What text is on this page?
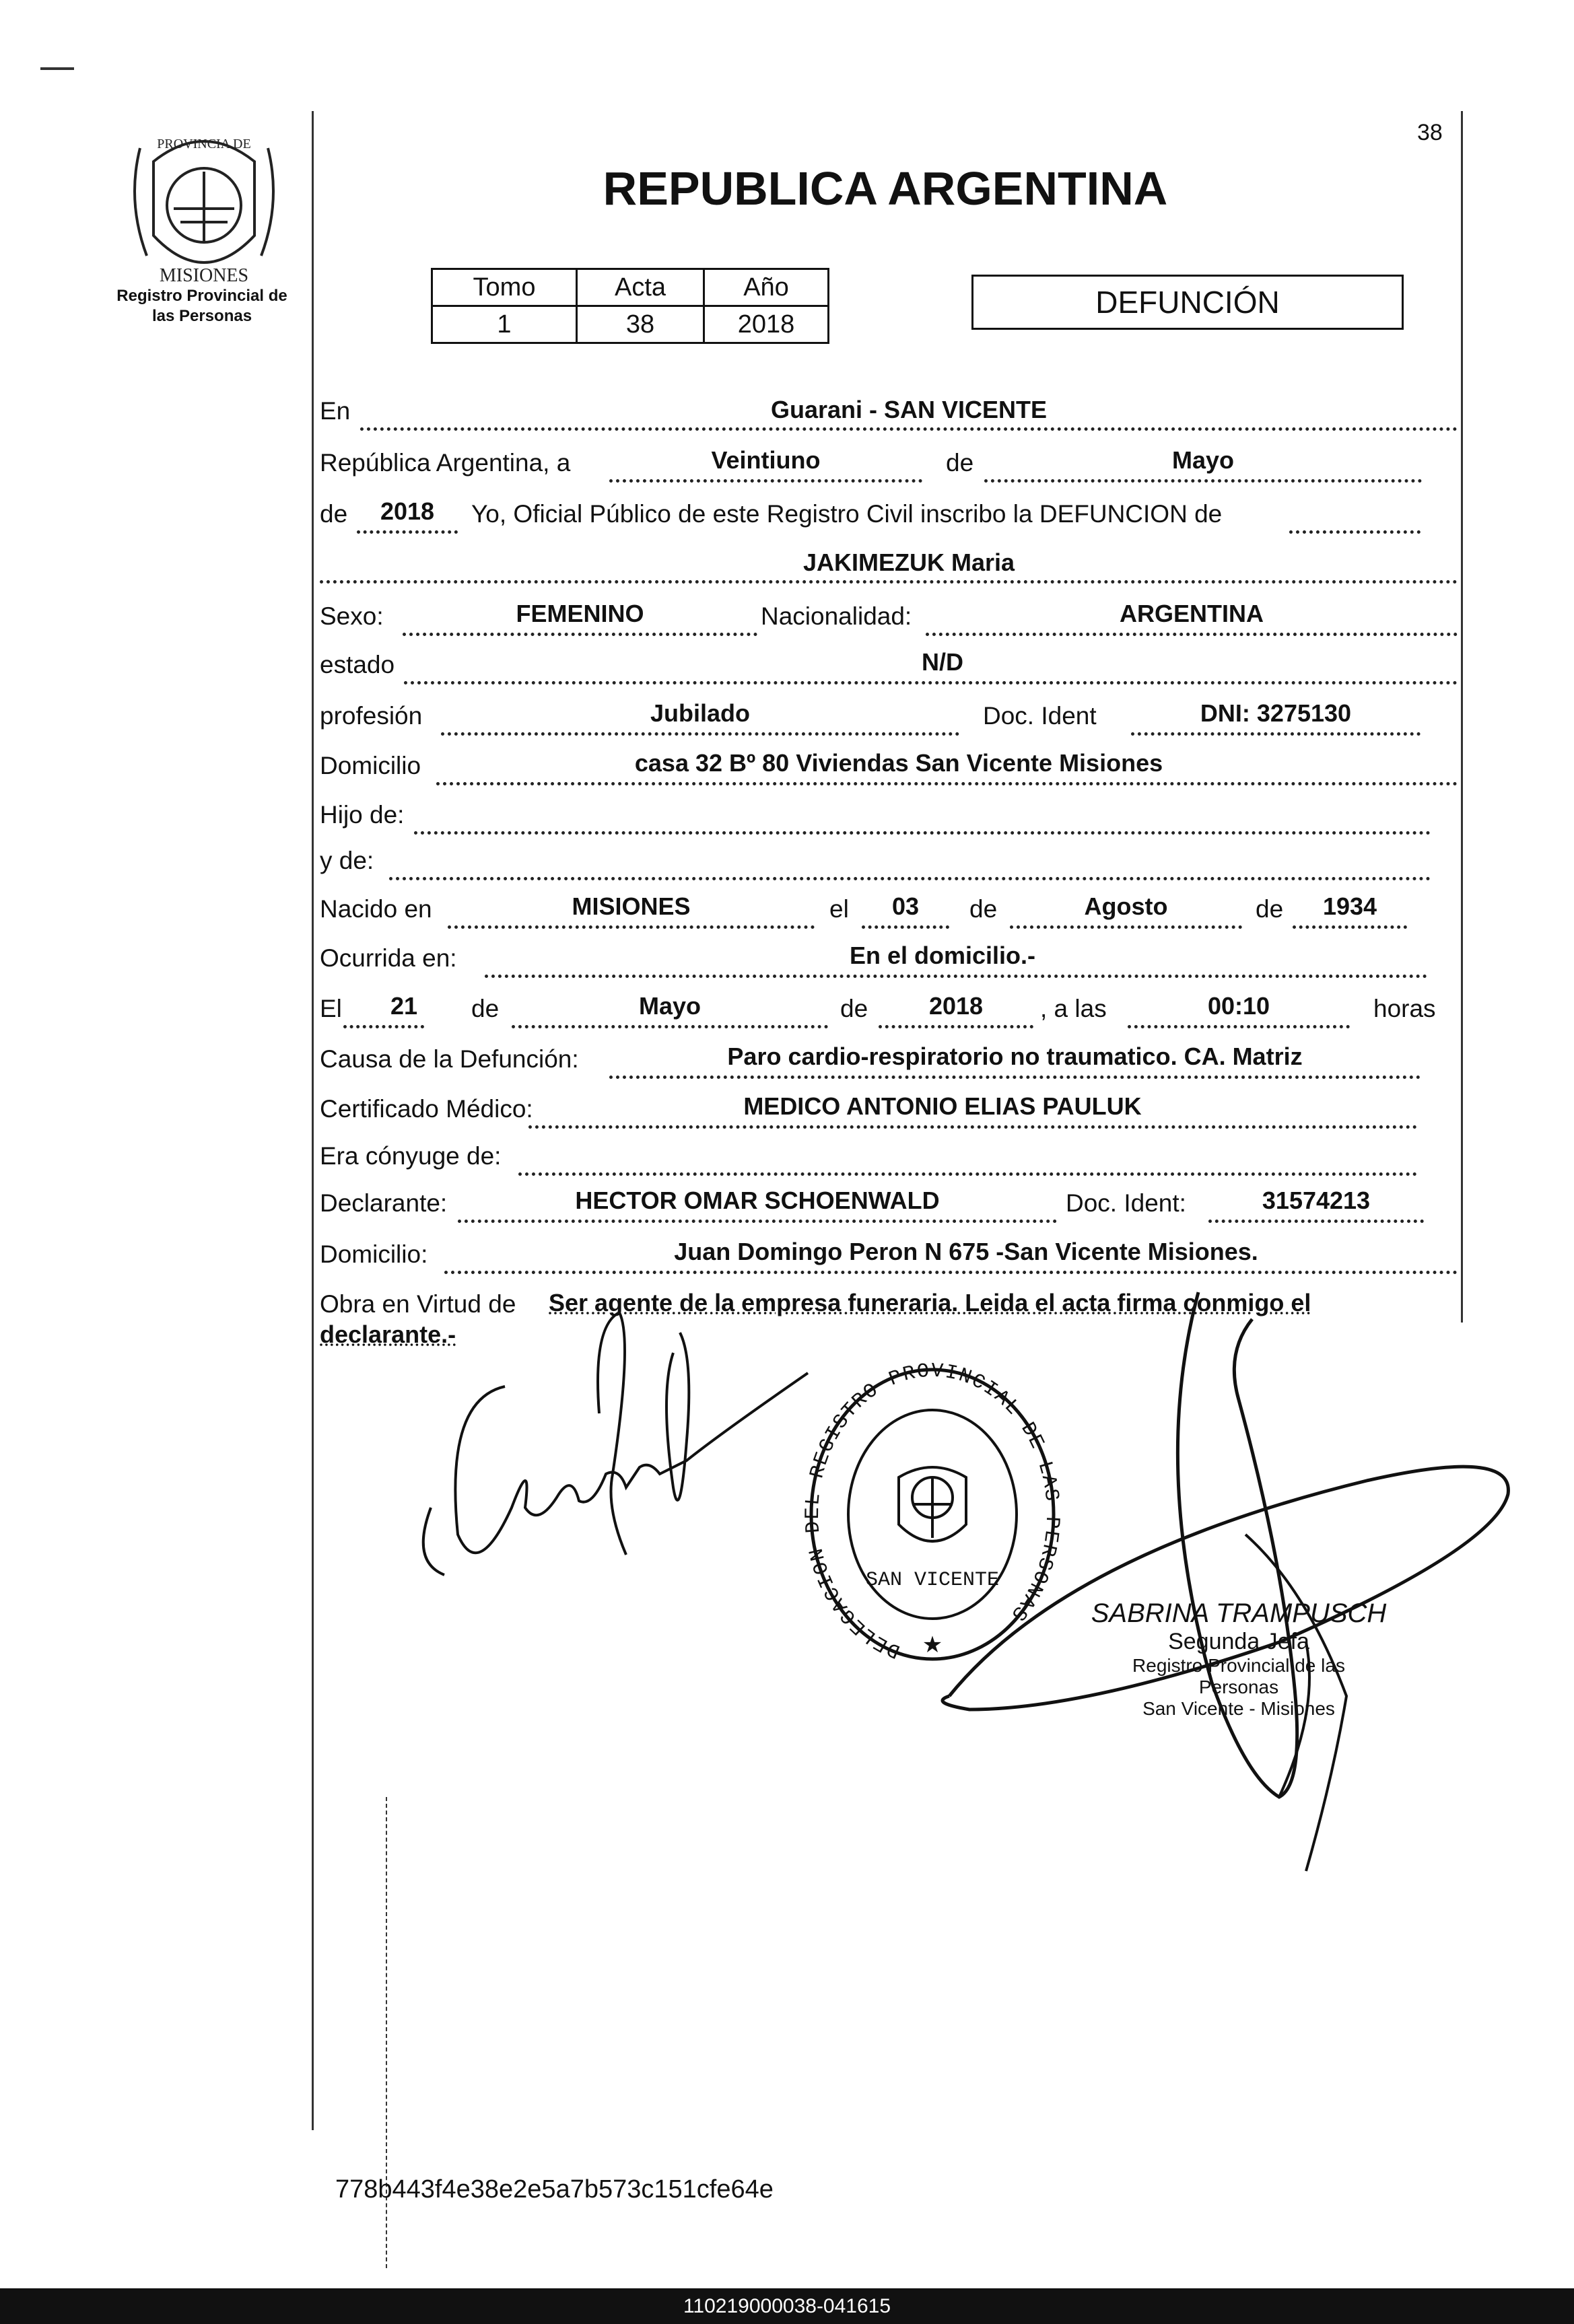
PROVINCIA DE
MISIONES
Registro Provincial de
las Personas
38
REPUBLICA ARGENTINA
Tomo	Acta	Año
1	38	2018
DEFUNCIÓN
En	Guarani - SAN VICENTE
República Argentina, a	Veintiuno	de	Mayo
de	2018	Yo, Oficial Público de este Registro Civil inscribo la DEFUNCION de
JAKIMEZUK Maria
Sexo:	FEMENINO	Nacionalidad:	ARGENTINA
estado	N/D
profesión	Jubilado	Doc. Ident	DNI: 3275130
Domicilio	casa 32 Bº 80 Viviendas San Vicente Misiones
Hijo de:
y de:
Nacido en	MISIONES	el	03	de	Agosto	de	1934
Ocurrida en:	En el domicilio.-
El	21	de	Mayo	de	2018	, a las	00:10	horas
Causa de la Defunción:	Paro cardio-respiratorio no traumatico. CA. Matriz
Certificado Médico:	MEDICO ANTONIO ELIAS PAULUK
Era cónyuge de:
Declarante:	HECTOR OMAR SCHOENWALD	Doc. Ident:	31574213
Domicilio:	Juan Domingo Peron N 675 -San Vicente Misiones.
Obra en Virtud de Ser agente de la empresa funeraria. Leida el acta firma conmigo el
declarante.-
DELEGACION DEL REGISTRO PROVINCIAL DE LAS PERSONAS
SAN VICENTE
★
SABRINA TRAMPUSCH
Segunda Jefa
Registro Provincial de las Personas
San Vicente - Misiones
778b443f4e38e2e5a7b573c151cfe64e
110219000038-041615
